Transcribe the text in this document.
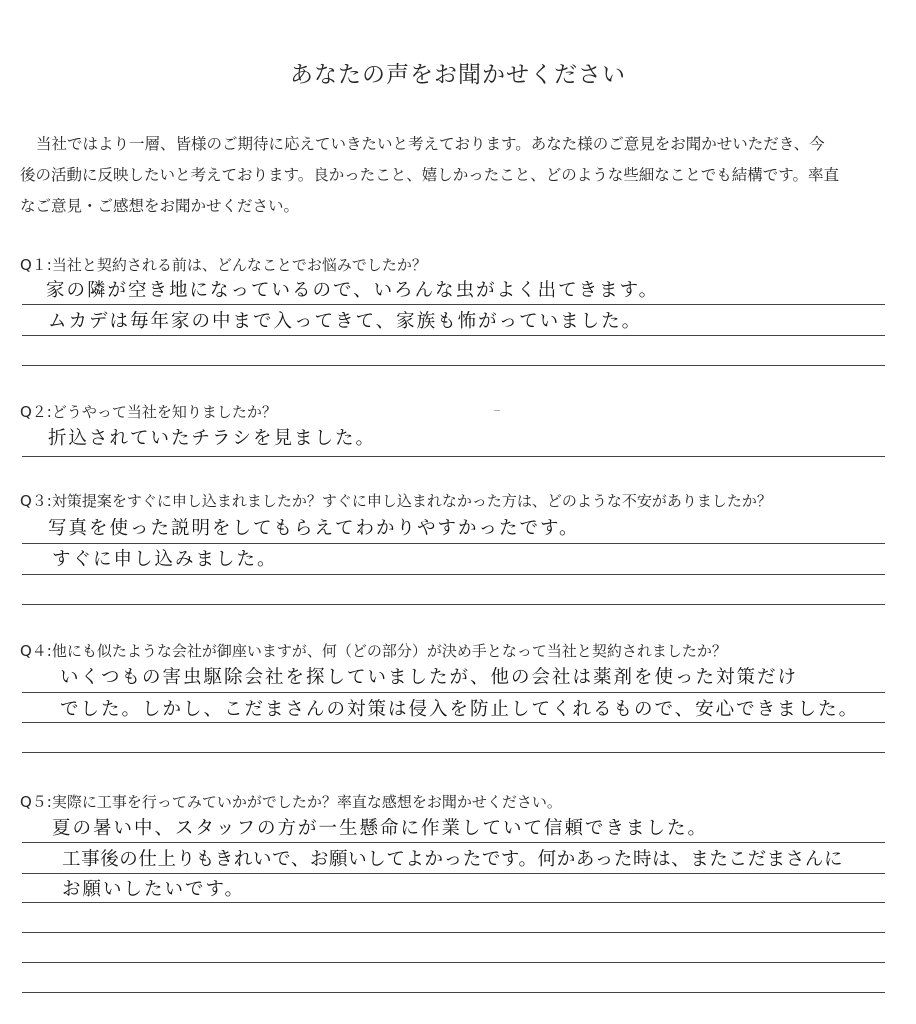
あなたの声をお聞かせください
当社ではより一層、皆様のご期待に応えていきたいと考えております。あなた様のご意見をお聞かせいただき、今
後の活動に反映したいと考えております。良かったこと、嬉しかったこと、どのような些細なことでも結構です。率直
なご意見・ご感想をお聞かせください。
Q１:当社と契約される前は、どんなことでお悩みでしたか？
家の隣が空き地になっているので、いろんな虫がよく出てきます。
ムカデは毎年家の中まで入ってきて、家族も怖がっていました。
Q２:どうやって当社を知りましたか？
折込されていたチラシを見ました。
Q３:対策提案をすぐに申し込まれましたか？すぐに申し込まれなかった方は、どのような不安がありましたか？
写真を使った説明をしてもらえてわかりやすかったです。
すぐに申し込みました。
Q４:他にも似たような会社が御座いますが、何（どの部分）が決め手となって当社と契約されましたか？
いくつもの害虫駆除会社を探していましたが、他の会社は薬剤を使った対策だけ
でした。しかし、こだまさんの対策は侵入を防止してくれるもので、安心できました。
Q５:実際に工事を行ってみていかがでしたか？率直な感想をお聞かせください。
夏の暑い中、スタッフの方が一生懸命に作業していて信頼できました。
工事後の仕上りもきれいで、お願いしてよかったです。何かあった時は、またこだまさんに
お願いしたいです。
